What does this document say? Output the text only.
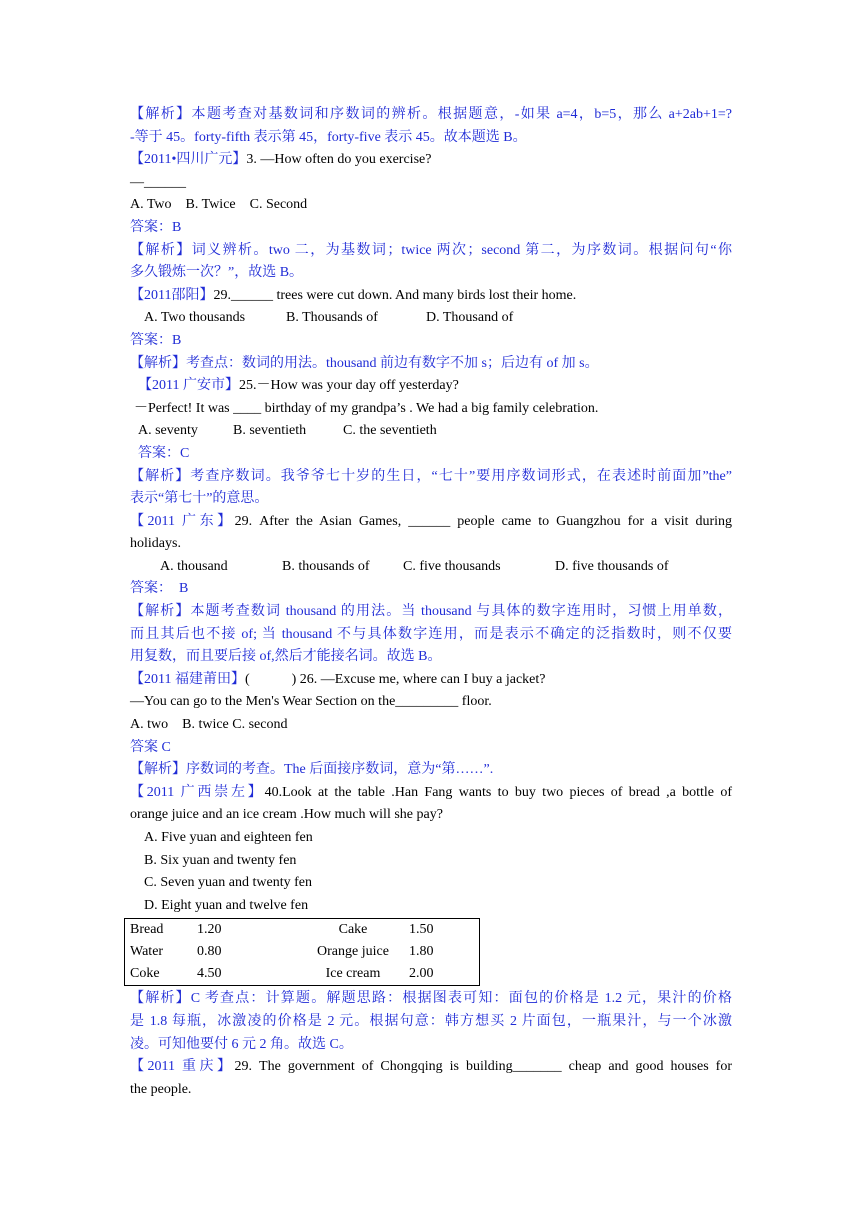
【解析】本题考查对基数词和序数词的辨析。根据题意，-如果 a=4，b=5，那么 a+2ab+1=?
-等于 45。forty-fifth 表示第 45，forty-five 表示 45。故本题选 B。
【2011•四川广元】3. —How often do you exercise?
—______
A. Two    B. Twice    C. Second
答案：B
【解析】词义辨析。two 二，为基数词；twice 两次；second 第二，为序数词。根据问句“你
多久锻炼一次？”，故选 B。
【2011邵阳】29.______ trees were cut down. And many birds lost their home.
A. Two thousands	B. Thousands of	D. Thousand of
答案：B
【解析】考查点：数词的用法。thousand 前边有数字不加 s；后边有 of 加 s。
【2011 广安市】25.－How was your day off yesterday?
－Perfect! It was ____ birthday of my grandpa’s . We had a big family celebration.
A. seventy	B. seventieth	C. the seventieth
答案：C
【解析】考查序数词。我爷爷七十岁的生日，“七十”要用序数词形式，在表述时前面加”the”
表示“第七十”的意思。
【2011 广东】29. After the Asian Games, ______ people came to Guangzhou for a visit during
holidays.
A. thousand	B. thousands of C. five thousands	D. five thousands of
答案：  B
【解析】本题考查数词 thousand 的用法。当 thousand 与具体的数字连用时，习惯上用单数，
而且其后也不接 of; 当 thousand 不与具体数字连用，而是表示不确定的泛指数时，则不仅要
用复数，而且要后接 of,然后才能接名词。故选 B。
【2011 福建莆田】(            ) 26. —Excuse me, where can I buy a jacket?
—You can go to the Men's Wear Section on the_________ floor.
A. two    B. twice C. second
答案 C
【解析】序数词的考查。The 后面接序数词，意为“第……”.
【2011 广西崇左】40.Look at the table .Han Fang wants to buy two pieces of bread ,a bottle of
orange juice and an ice cream .How much will she pay?
A. Five yuan and eighteen fen
B. Six yuan and twenty fen
C. Seven yuan and twenty fen
D. Eight yuan and twelve fen
Bread	1.20	Cake	1.50
Water	0.80	Orange juice	1.80
Coke	4.50	Ice cream	2.00
【解析】C 考查点：计算题。解题思路：根据图表可知：面包的价格是 1.2 元，果汁的价格
是 1.8 每瓶，冰激凌的价格是 2 元。根据句意：韩方想买 2 片面包，一瓶果汁，与一个冰激
凌。可知他要付 6 元 2 角。故选 C。
【2011 重庆】29. The government of Chongqing is building_______ cheap and good houses for
the people.
